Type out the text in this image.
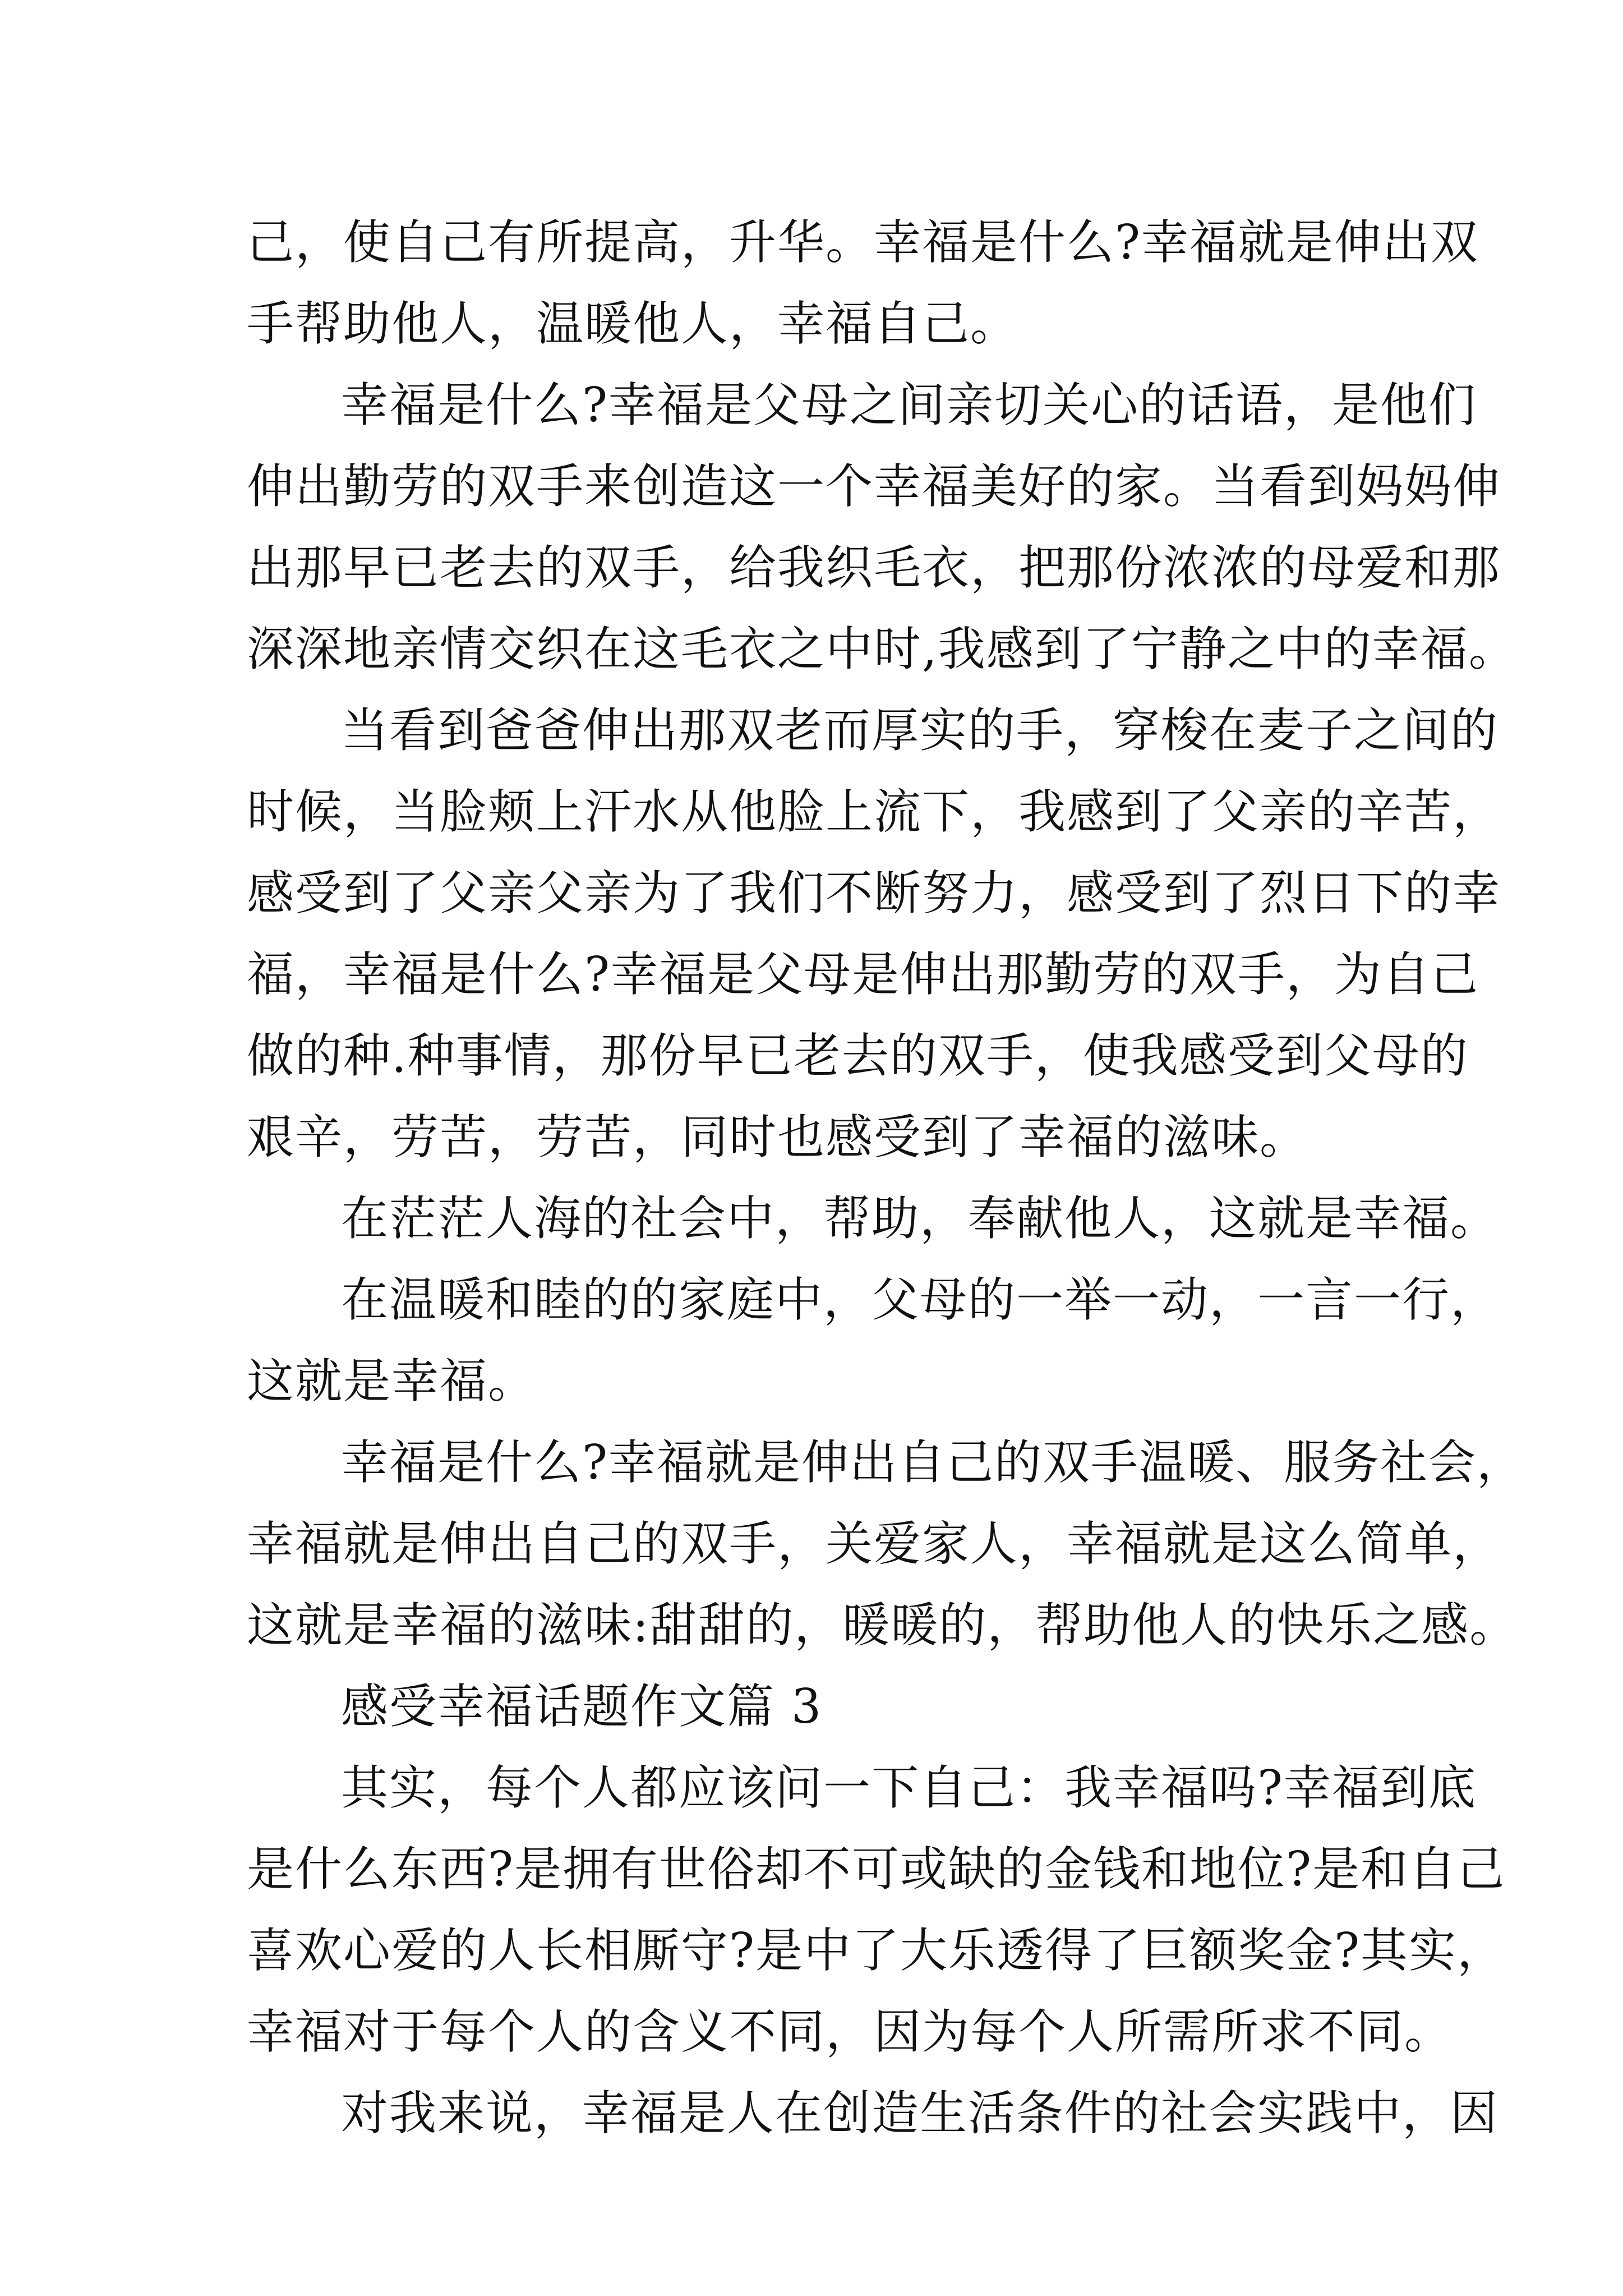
己，使自己有所提高，升华。幸福是什么?幸福就是伸出双
手帮助他人，温暖他人，幸福自己。
幸福是什么?幸福是父母之间亲切关心的话语，是他们
伸出勤劳的双手来创造这一个幸福美好的家。当看到妈妈伸
出那早已老去的双手，给我织毛衣，把那份浓浓的母爱和那
深深地亲情交织在这毛衣之中时,我感到了宁静之中的幸福。
当看到爸爸伸出那双老而厚实的手，穿梭在麦子之间的
时候，当脸颊上汗水从他脸上流下，我感到了父亲的辛苦，
感受到了父亲父亲为了我们不断努力，感受到了烈日下的幸
福，幸福是什么?幸福是父母是伸出那勤劳的双手，为自己
做的种.种事情，那份早已老去的双手，使我感受到父母的
艰辛，劳苦，劳苦，同时也感受到了幸福的滋味。
在茫茫人海的社会中，帮助，奉献他人，这就是幸福。
在温暖和睦的的家庭中，父母的一举一动，一言一行，
这就是幸福。
幸福是什么?幸福就是伸出自己的双手温暖、服务社会，
幸福就是伸出自己的双手，关爱家人，幸福就是这么简单，
这就是幸福的滋味:甜甜的，暖暖的，帮助他人的快乐之感。
感受幸福话题作文篇 3
其实，每个人都应该问一下自己：我幸福吗?幸福到底
是什么东西?是拥有世俗却不可或缺的金钱和地位?是和自己
喜欢心爱的人长相厮守?是中了大乐透得了巨额奖金?其实，
幸福对于每个人的含义不同，因为每个人所需所求不同。
对我来说，幸福是人在创造生活条件的社会实践中，因
